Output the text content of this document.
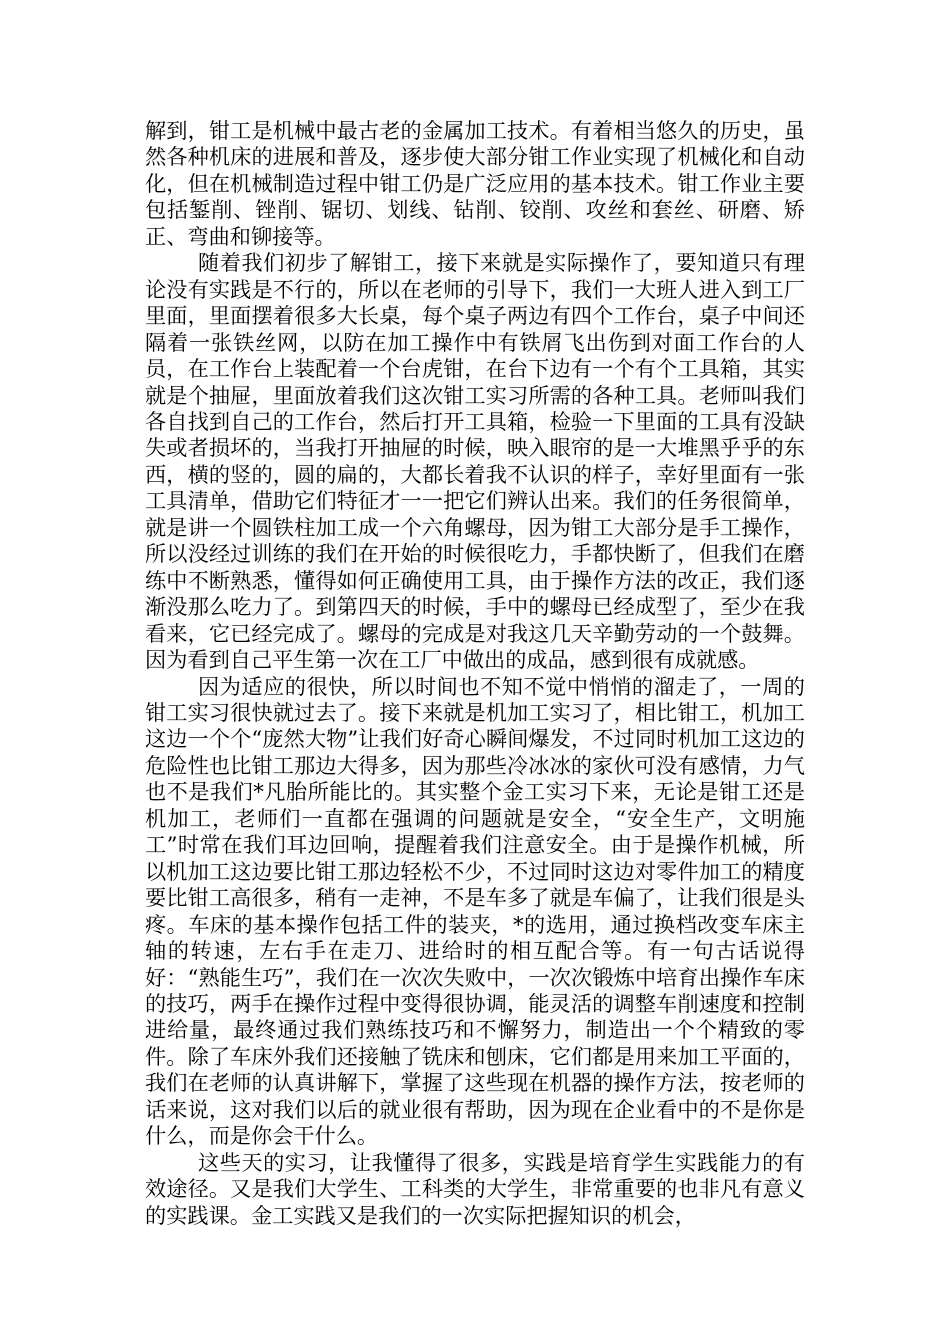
解到，钳工是机械中最古老的金属加工技术。有着相当悠久的历史，虽然各种机床的进展和普及，逐步使大部分钳工作业实现了机械化和自动化，但在机械制造过程中钳工仍是广泛应用的基本技术。钳工作业主要包括錾削、锉削、锯切、划线、钻削、铰削、攻丝和套丝、研磨、矫正、弯曲和铆接等。

随着我们初步了解钳工，接下来就是实际操作了，要知道只有理论没有实践是不行的，所以在老师的引导下，我们一大班人进入到工厂里面，里面摆着很多大长桌，每个桌子两边有四个工作台，桌子中间还隔着一张铁丝网，以防在加工操作中有铁屑飞出伤到对面工作台的人员，在工作台上装配着一个台虎钳，在台下边有一个有个工具箱，其实就是个抽屉，里面放着我们这次钳工实习所需的各种工具。老师叫我们各自找到自己的工作台，然后打开工具箱，检验一下里面的工具有没缺失或者损坏的，当我打开抽屉的时候，映入眼帘的是一大堆黑乎乎的东西，横的竖的，圆的扁的，大都长着我不认识的样子，幸好里面有一张工具清单，借助它们特征才一一把它们辨认出来。我们的任务很简单，就是讲一个圆铁柱加工成一个六角螺母，因为钳工大部分是手工操作，所以没经过训练的我们在开始的时候很吃力，手都快断了，但我们在磨练中不断熟悉，懂得如何正确使用工具，由于操作方法的改正，我们逐渐没那么吃力了。到第四天的时候，手中的螺母已经成型了，至少在我看来，它已经完成了。螺母的完成是对我这几天辛勤劳动的一个鼓舞。因为看到自己平生第一次在工厂中做出的成品，感到很有成就感。

因为适应的很快，所以时间也不知不觉中悄悄的溜走了，一周的钳工实习很快就过去了。接下来就是机加工实习了，相比钳工，机加工这边一个个“庞然大物”让我们好奇心瞬间爆发，不过同时机加工这边的危险性也比钳工那边大得多，因为那些冷冰冰的家伙可没有感情，力气也不是我们*凡胎所能比的。其实整个金工实习下来，无论是钳工还是机加工，老师们一直都在强调的问题就是安全，“安全生产，文明施工”时常在我们耳边回响，提醒着我们注意安全。由于是操作机械，所以机加工这边要比钳工那边轻松不少，不过同时这边对零件加工的精度要比钳工高很多，稍有一走神，不是车多了就是车偏了，让我们很是头疼。车床的基本操作包括工件的装夹，*的选用，通过换档改变车床主轴的转速，左右手在走刀、进给时的相互配合等。有一句古话说得好：“熟能生巧”，我们在一次次失败中，一次次锻炼中培育出操作车床的技巧，两手在操作过程中变得很协调，能灵活的调整车削速度和控制进给量，最终通过我们熟练技巧和不懈努力，制造出一个个精致的零件。除了车床外我们还接触了铣床和刨床，它们都是用来加工平面的，我们在老师的认真讲解下，掌握了这些现在机器的操作方法，按老师的话来说，这对我们以后的就业很有帮助，因为现在企业看中的不是你是什么，而是你会干什么。

这些天的实习，让我懂得了很多，实践是培育学生实践能力的有效途径。又是我们大学生、工科类的大学生，非常重要的也非凡有意义的实践课。金工实践又是我们的一次实际把握知识的机会，
